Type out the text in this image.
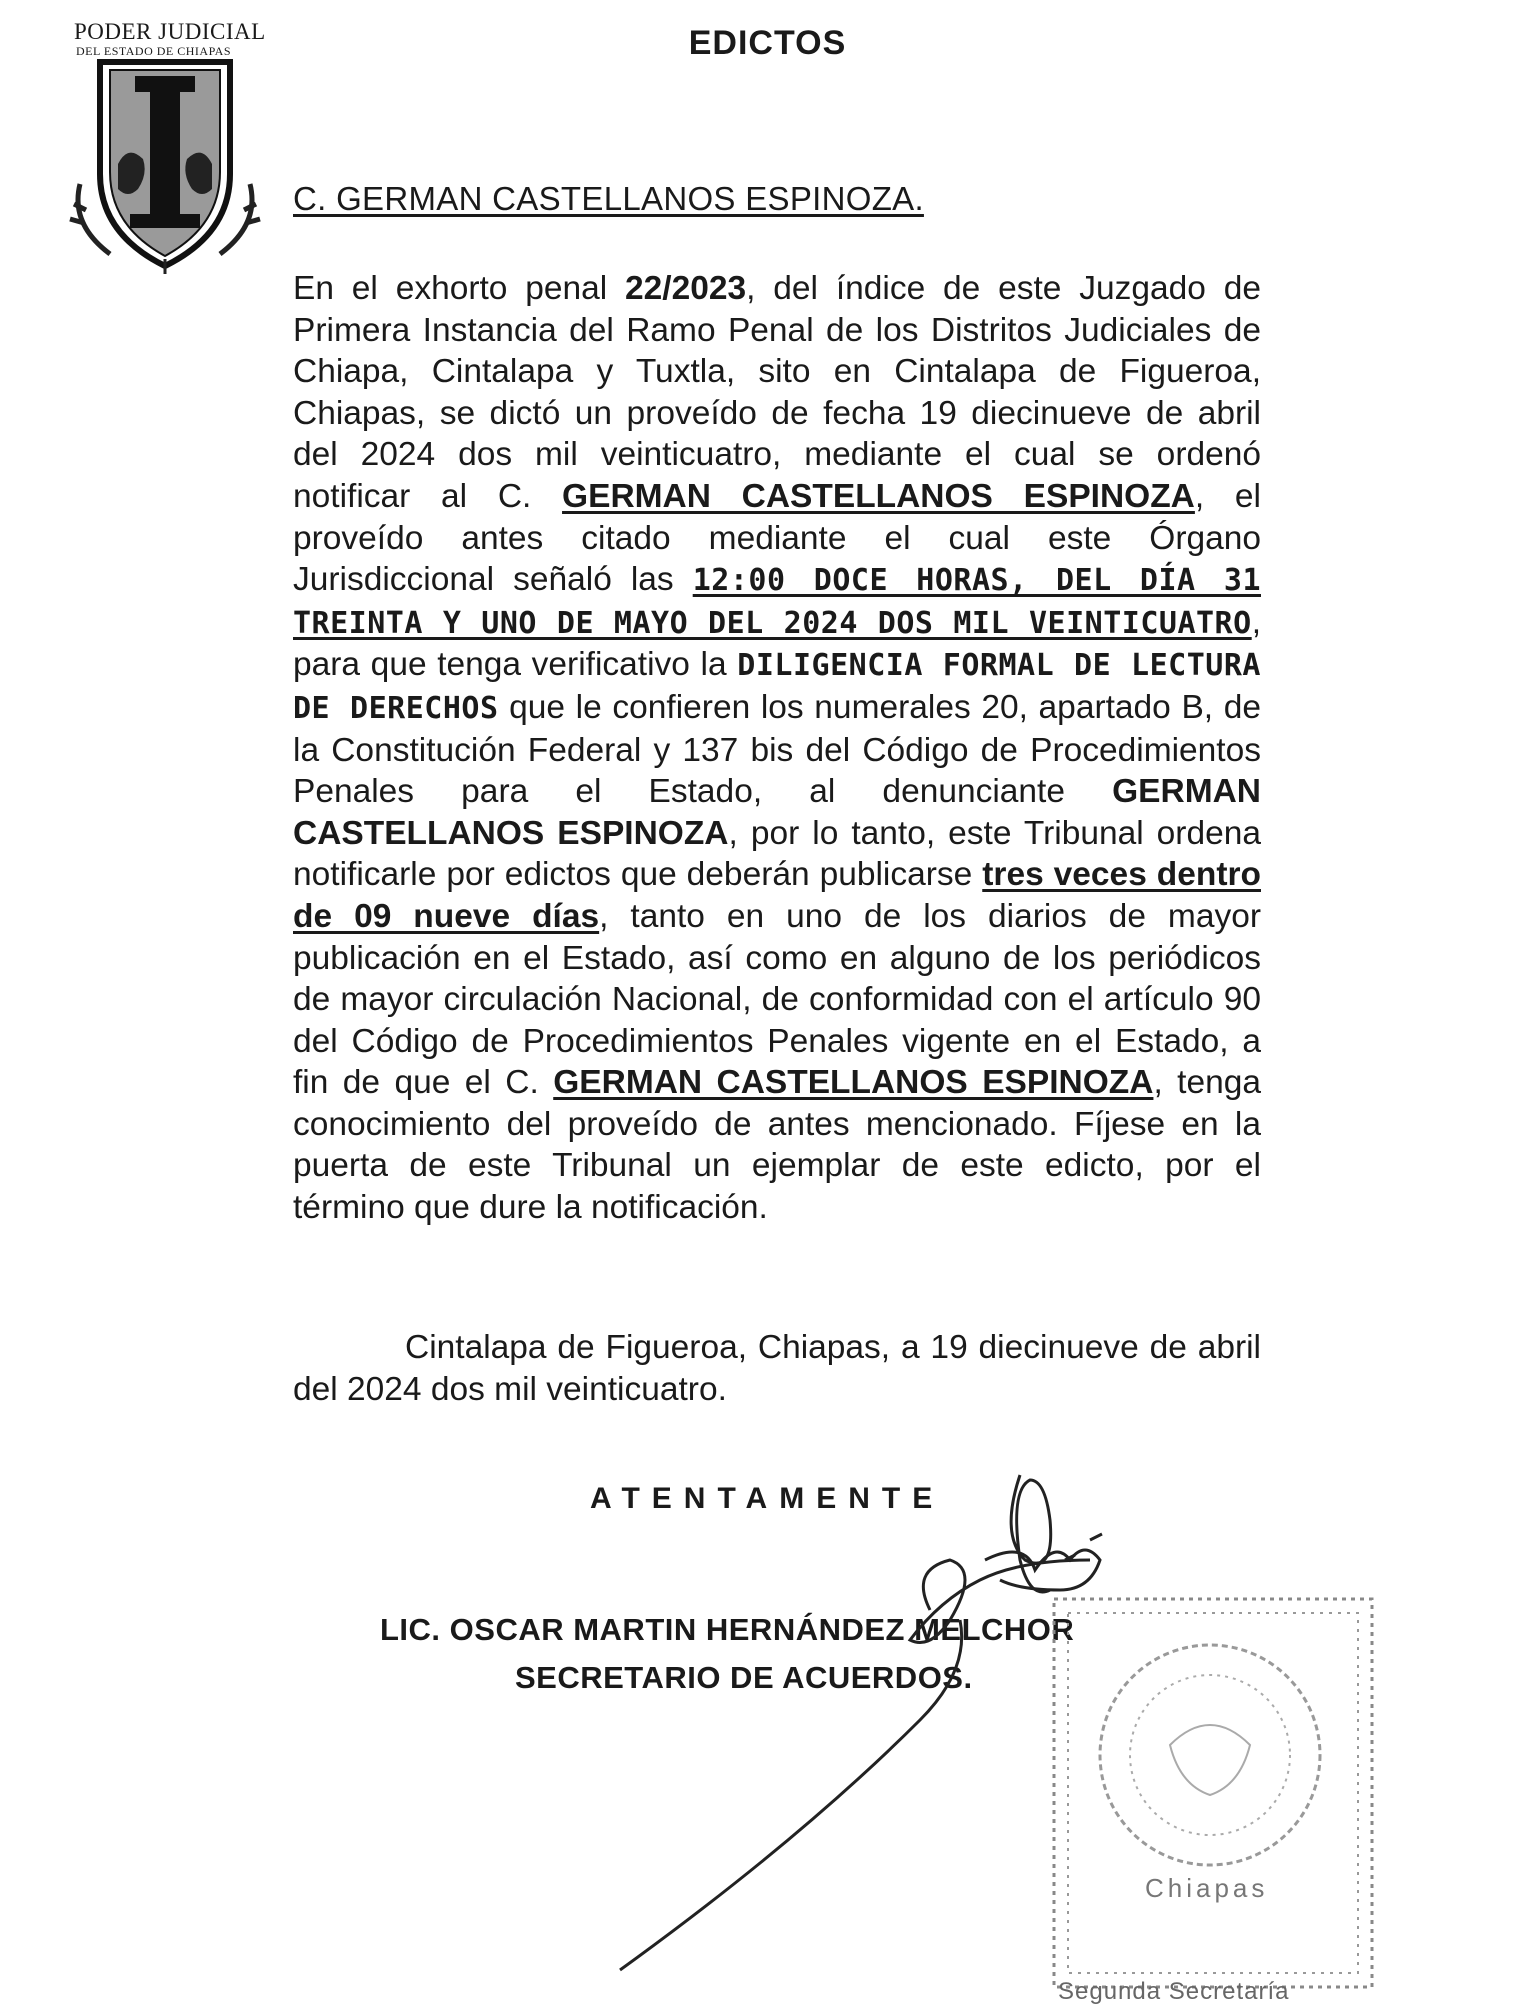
PODER JUDICIAL
DEL ESTADO DE CHIAPAS	EDICTOS
C. GERMAN CASTELLANOS ESPINOZA.

En el exhorto penal 22/2023, del índice de este Juzgado de Primera Instancia del Ramo Penal de los Distritos Judiciales de Chiapa, Cintalapa y Tuxtla, sito en Cintalapa de Figueroa, Chiapas, se dictó un proveído de fecha 19 diecinueve de abril del 2024 dos mil veinticuatro, mediante el cual se ordenó notificar al C. GERMAN CASTELLANOS ESPINOZA, el proveído antes citado mediante el cual este Órgano Jurisdiccional señaló las 12:00 DOCE HORAS, DEL DÍA 31 TREINTA Y UNO DE MAYO DEL 2024 DOS MIL VEINTICUATRO, para que tenga verificativo la DILIGENCIA FORMAL DE LECTURA DE DERECHOS que le confieren los numerales 20, apartado B, de la Constitución Federal y 137 bis del Código de Procedimientos Penales para el Estado, al denunciante GERMAN CASTELLANOS ESPINOZA, por lo tanto, este Tribunal ordena notificarle por edictos que deberán publicarse tres veces dentro de 09 nueve días, tanto en uno de los diarios de mayor publicación en el Estado, así como en alguno de los periódicos de mayor circulación Nacional, de conformidad con el artículo 90 del Código de Procedimientos Penales vigente en el Estado, a fin de que el C. GERMAN CASTELLANOS ESPINOZA, tenga conocimiento del proveído de antes mencionado. Fíjese en la puerta de este Tribunal un ejemplar de este edicto, por el término que dure la notificación.

Cintalapa de Figueroa, Chiapas, a 19 diecinueve de abril del 2024 dos mil veinticuatro.

ATENTAMENTE
LIC. OSCAR MARTIN HERNÁNDEZ MELCHOR
SECRETARIO DE ACUERDOS.
Chiapas
Segunda Secretaría
